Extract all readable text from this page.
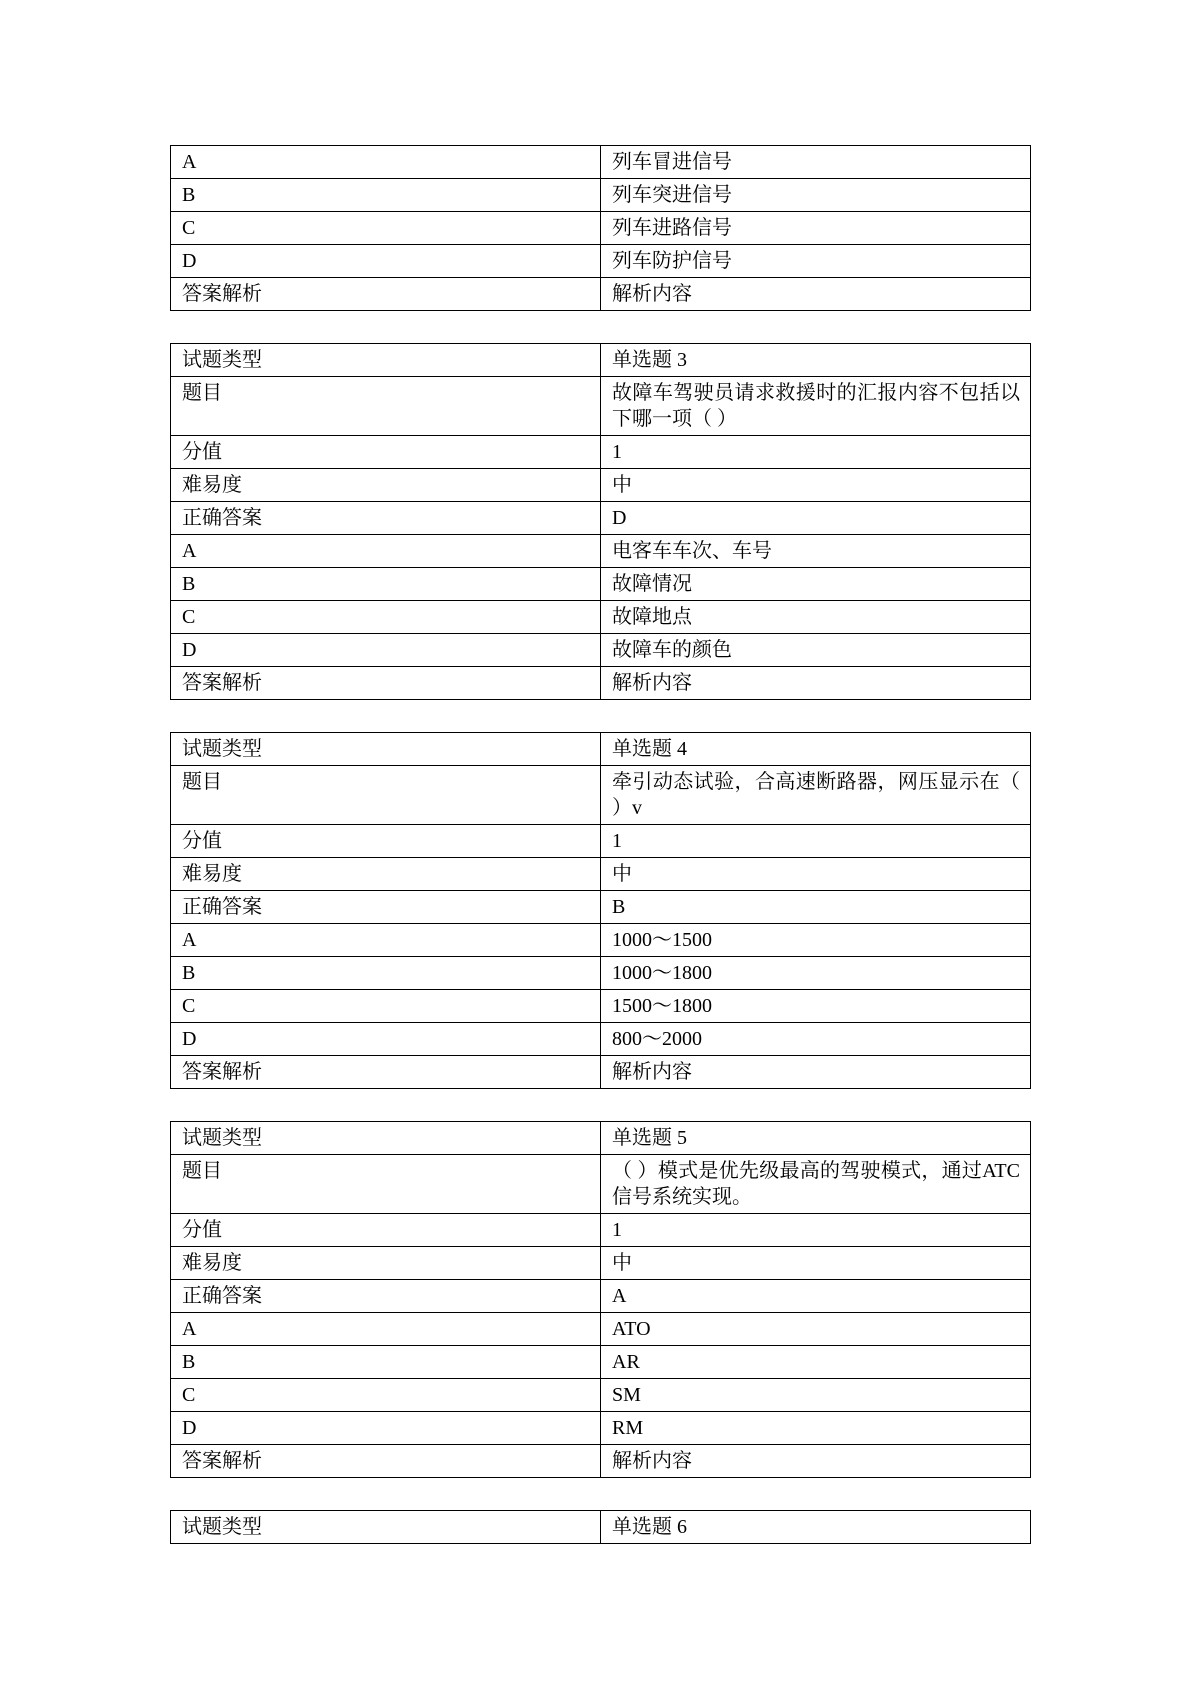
A	列车冒进信号
B	列车突进信号
C	列车进路信号
D	列车防护信号
答案解析	解析内容
试题类型	单选题 3
题目	故障车驾驶员请求救援时的汇报内容不包括以下哪一项（ ）
分值	1
难易度	中
正确答案	D
A	电客车车次、车号
B	故障情况
C	故障地点
D	故障车的颜色
答案解析	解析内容
试题类型	单选题 4
题目	牵引动态试验，合高速断路器，网压显示在（ ）v
分值	1
难易度	中
正确答案	B
A	1000～1500
B	1000～1800
C	1500～1800
D	800～2000
答案解析	解析内容
试题类型	单选题 5
题目	（ ）模式是优先级最高的驾驶模式，通过ATC 信号系统实现。
分值	1
难易度	中
正确答案	A
A	ATO
B	AR
C	SM
D	RM
答案解析	解析内容
试题类型	单选题 6
